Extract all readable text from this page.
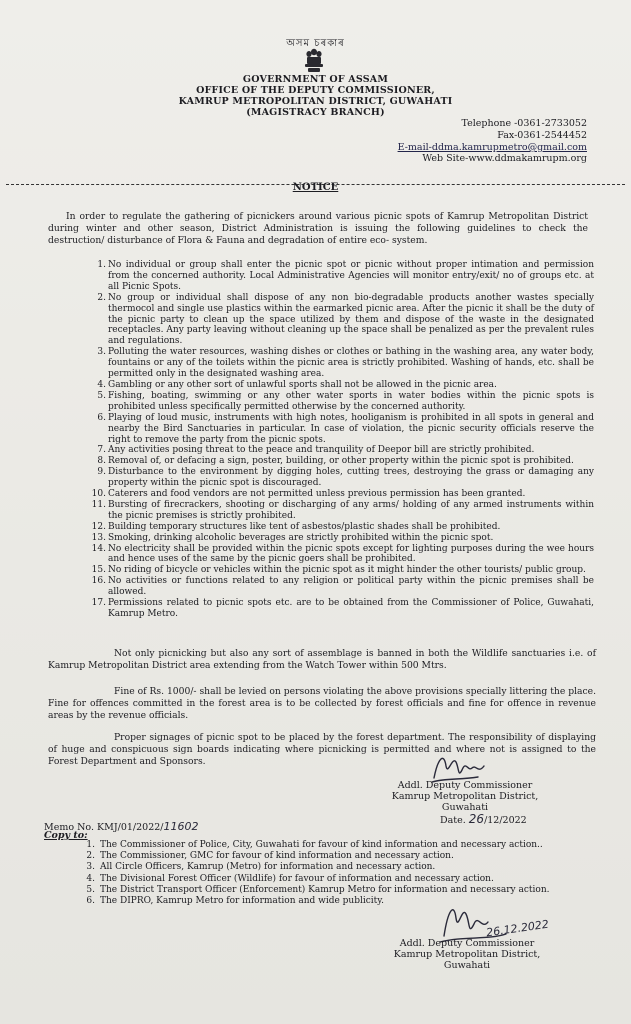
অসম চৰকাৰ
GOVERNMENT OF ASSAM
OFFICE OF THE DEPUTY COMMISSIONER,
KAMRUP METROPOLITAN DISTRICT, GUWAHATI
(MAGISTRACY BRANCH)
Telephone -0361-2733052
Fax-0361-2544452
E-mail-ddma.kamrupmetro@gmail.com
Web Site-www.ddmakamrupm.org
NOTICE
In order to regulate the gathering of picnickers around various picnic spots of Kamrup Metropolitan District during winter and other season, District Administration is issuing the following guidelines to check the destruction/ disturbance of Flora & Fauna and degradation of entire eco- system.
1. No individual or group shall enter the picnic spot or picnic without proper intimation and permission from the concerned authority. Local Administrative Agencies will monitor entry/exit/ no of groups etc. at all Picnic Spots.
2. No group or individual shall dispose of any non bio-degradable products another wastes specially thermocol and single use plastics within the earmarked picnic area. After the picnic it shall be the duty of the picnic party to clean up the space utilized by them and dispose of the waste in the designated receptacles. Any party leaving without cleaning up the space shall be penalized as per the prevalent rules and regulations.
3. Polluting the water resources, washing dishes or clothes or bathing in the washing area, any water body, fountains or any of the toilets within the picnic area is strictly prohibited. Washing of hands, etc. shall be permitted only in the designated washing area.
4. Gambling or any other sort of unlawful sports shall not be allowed in the picnic area.
5. Fishing, boating, swimming or any other water sports in water bodies within the picnic spots is prohibited unless specifically permitted otherwise by the concerned authority.
6. Playing of loud music, instruments with high notes, hooliganism is prohibited in all spots in general and nearby the Bird Sanctuaries in particular. In case of violation, the picnic security officials reserve the right to remove the party from the picnic spots.
7. Any activities posing threat to the peace and tranquility of Deepor bill are strictly prohibited.
8. Removal of, or defacing a sign, poster, building, or other property within the picnic spot is prohibited.
9. Disturbance to the environment by digging holes, cutting trees, destroying the grass or damaging any property within the picnic spot is discouraged.
10. Caterers and food vendors are not permitted unless previous permission has been granted.
11. Bursting of firecrackers, shooting or discharging of any arms/ holding of any armed instruments within the picnic premises is strictly prohibited.
12. Building temporary structures like tent of asbestos/plastic shades shall be prohibited.
13. Smoking, drinking alcoholic beverages are strictly prohibited within the picnic spot.
14. No electricity shall be provided within the picnic spots except for lighting purposes during the wee hours and hence uses of the same by the picnic goers shall be prohibited.
15. No riding of bicycle or vehicles within the picnic spot as it might hinder the other tourists/ public group.
16. No activities or functions related to any religion or political party within the picnic premises shall be allowed.
17. Permissions related to picnic spots etc. are to be obtained from the Commissioner of Police, Guwahati, Kamrup Metro.
Not only picnicking but also any sort of assemblage is banned in both the Wildlife sanctuaries i.e. of Kamrup Metropolitan District area extending from the Watch Tower within 500 Mtrs.
Fine of Rs. 1000/- shall be levied on persons violating the above provisions specially littering the place. Fine for offences committed in the forest area is to be collected by forest officials and fine for offence in revenue areas by the revenue officials.
Proper signages of picnic spot to be placed by the forest department. The responsibility of displaying of huge and conspicuous sign boards indicating where picnicking is permitted and where not is assigned to the Forest Department and Sponsors.
Addl. Deputy Commissioner
Kamrup Metropolitan District,
Guwahati
Date. 26/12/2022
Memo No. KMJ/01/2022/11602
Copy to:
1. The Commissioner of Police, City, Guwahati for favour of kind information and necessary action..
2. The Commissioner, GMC for favour of kind information and necessary action.
3. All Circle Officers, Kamrup (Metro) for information and necessary action.
4. The Divisional Forest Officer (Wildlife) for favour of information and necessary action.
5. The District Transport Officer (Enforcement) Kamrup Metro for information and necessary action.
6. The DIPRO, Kamrup Metro for information and wide publicity.
26.12.2022
Addl. Deputy Commissioner
Kamrup Metropolitan District,
Guwahati
